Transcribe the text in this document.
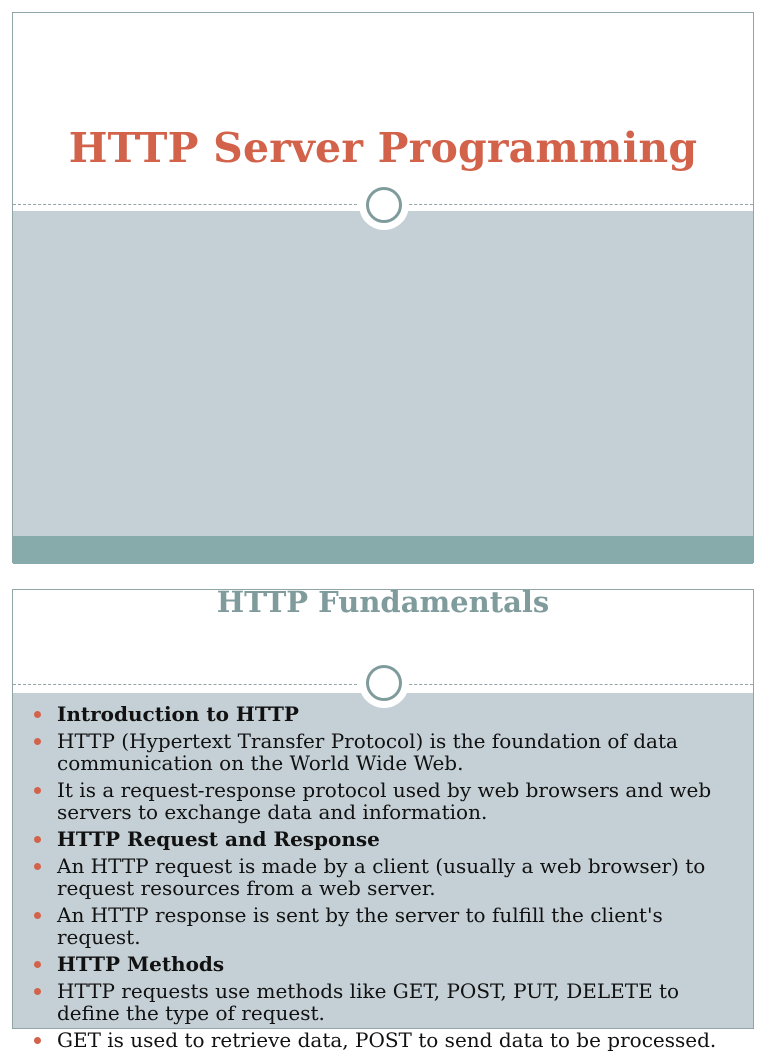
HTTP Server Programming
HTTP Fundamentals
Introduction to HTTP
HTTP (Hypertext Transfer Protocol) is the foundation of data communication on the World Wide Web.
It is a request-response protocol used by web browsers and web servers to exchange data and information.
HTTP Request and Response
An HTTP request is made by a client (usually a web browser) to request resources from a web server.
An HTTP response is sent by the server to fulfill the client's request.
HTTP Methods
HTTP requests use methods like GET, POST, PUT, DELETE to define the type of request.
GET is used to retrieve data, POST to send data to be processed.
